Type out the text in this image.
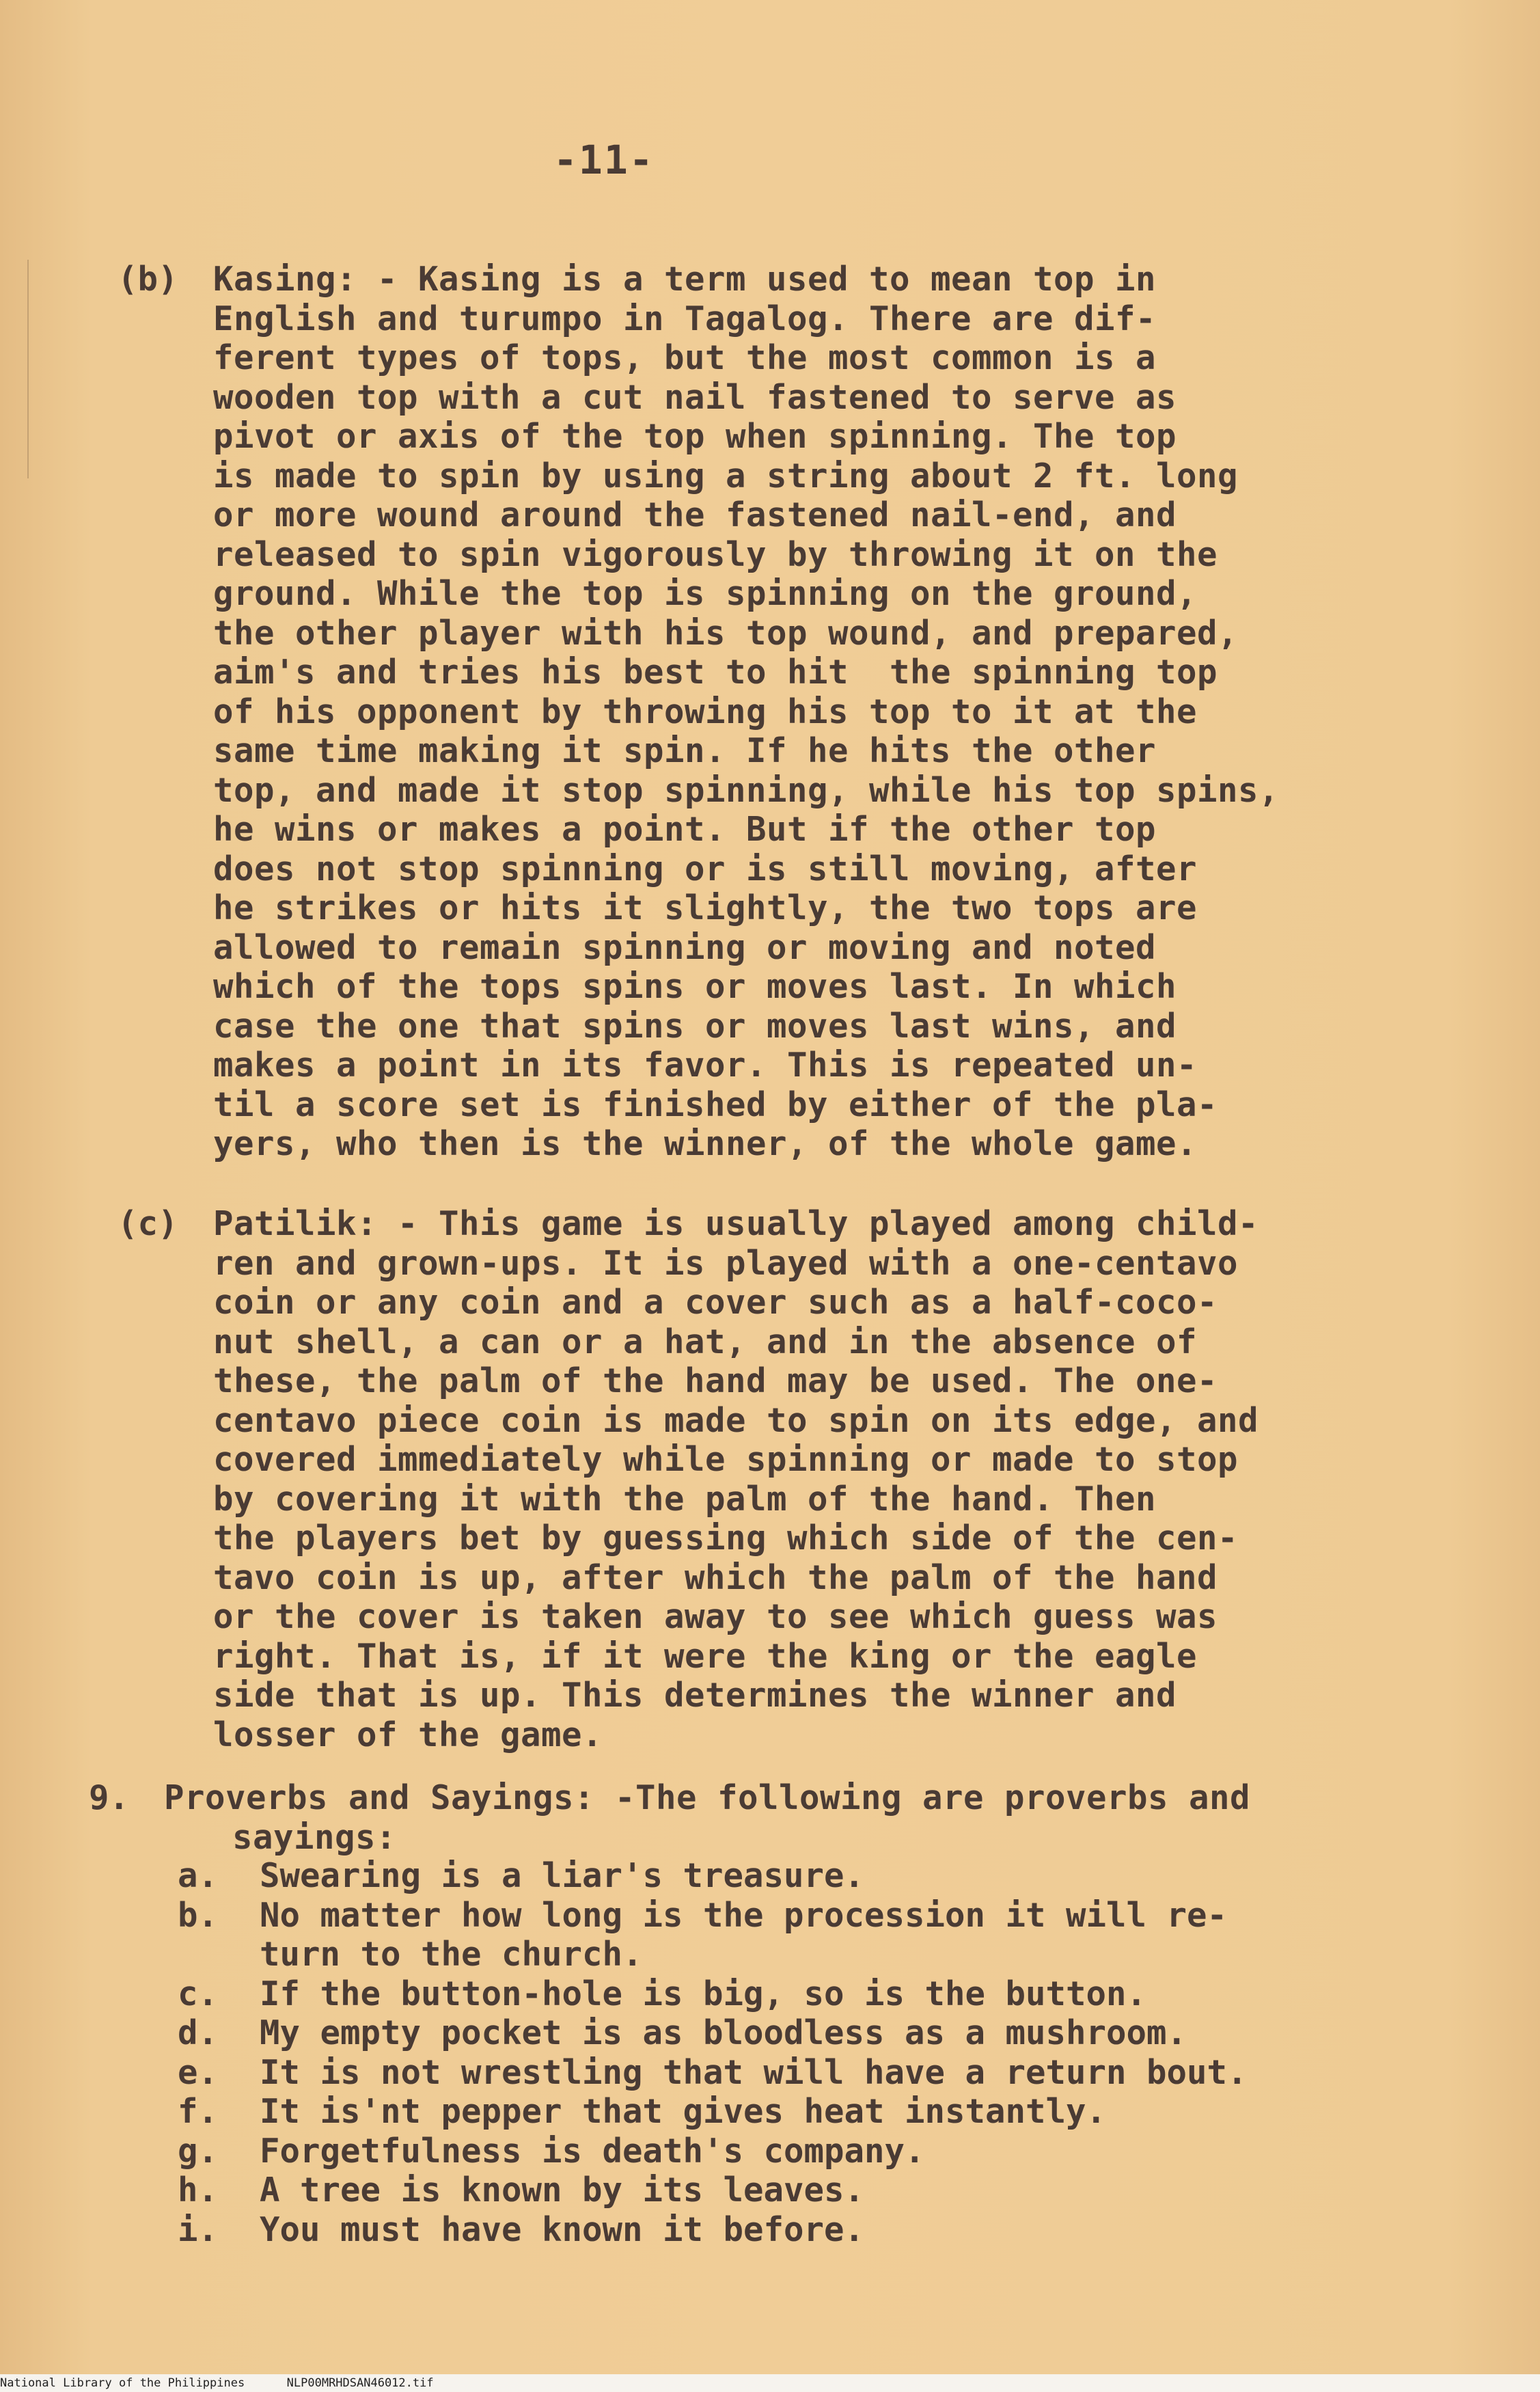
-11-
(b)	Kasing: - Kasing is a term used to mean top in
English and turumpo in Tagalog. There are dif-
ferent types of tops, but the most common is a
wooden top with a cut nail fastened to serve as
pivot or axis of the top when spinning. The top
is made to spin by using a string about 2 ft. long
or more wound around the fastened nail-end, and
released to spin vigorously by throwing it on the
ground. While the top is spinning on the ground,
the other player with his top wound, and prepared,
aim's and tries his best to hit  the spinning top
of his opponent by throwing his top to it at the
same time making it spin. If he hits the other
top, and made it stop spinning, while his top spins,
he wins or makes a point. But if the other top
does not stop spinning or is still moving, after
he strikes or hits it slightly, the two tops are
allowed to remain spinning or moving and noted
which of the tops spins or moves last. In which
case the one that spins or moves last wins, and
makes a point in its favor. This is repeated un-
til a score set is finished by either of the pla-
yers, who then is the winner, of the whole game.
(c)	Patilik: - This game is usually played among child-
ren and grown-ups. It is played with a one-centavo
coin or any coin and a cover such as a half-coco-
nut shell, a can or a hat, and in the absence of
these, the palm of the hand may be used. The one-
centavo piece coin is made to spin on its edge, and
covered immediately while spinning or made to stop
by covering it with the palm of the hand. Then
the players bet by guessing which side of the cen-
tavo coin is up, after which the palm of the hand
or the cover is taken away to see which guess was
right. That is, if it were the king or the eagle
side that is up. This determines the winner and
losser of the game.
9.	Proverbs and Sayings: -The following are proverbs and
sayings:
a.	Swearing is a liar's treasure.
b.	No matter how long is the procession it will re-
turn to the church.
c.	If the button-hole is big, so is the button.
d.	My empty pocket is as bloodless as a mushroom.
e.	It is not wrestling that will have a return bout.
f.	It is'nt pepper that gives heat instantly.
g.	Forgetfulness is death's company.
h.	A tree is known by its leaves.
i.	You must have known it before.
National Library of the Philippines	NLP00MRHDSAN46012.tif
